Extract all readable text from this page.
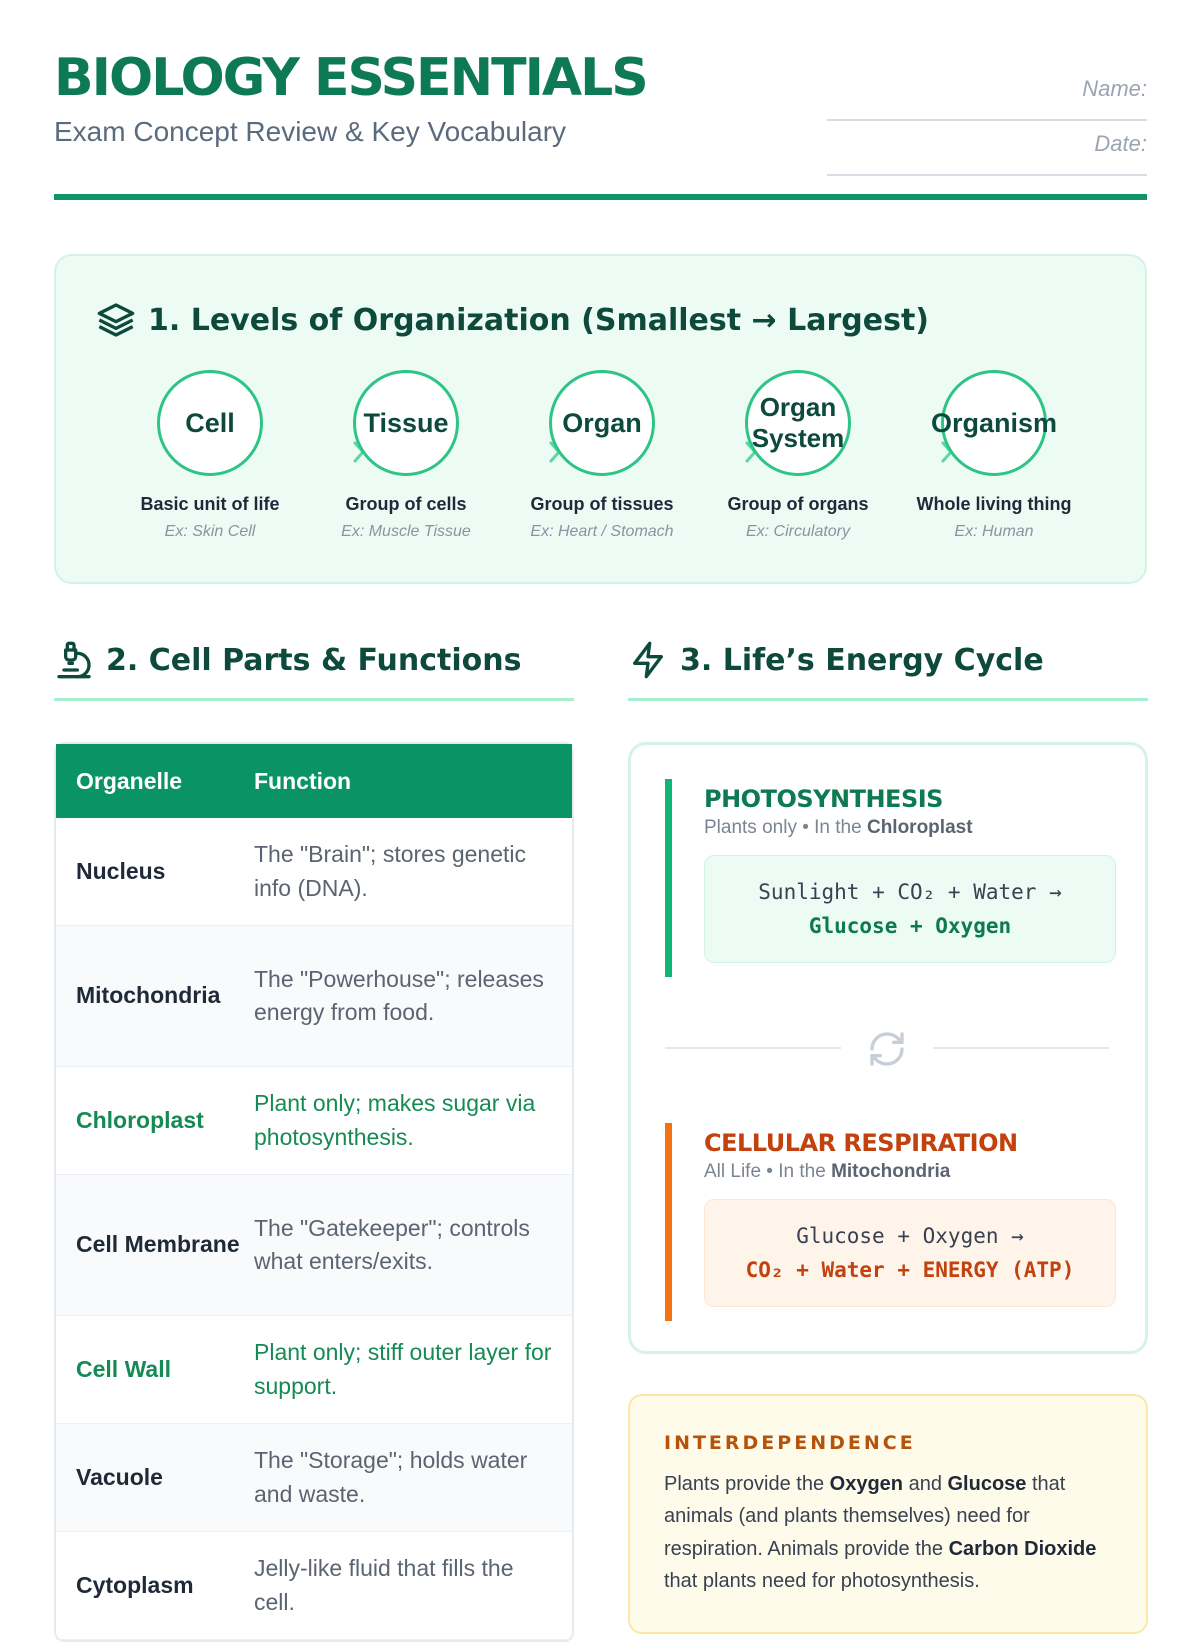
BIOLOGY ESSENTIALS
Exam Concept Review & Key Vocabulary
Name:
Date:
1. Levels of Organization (Smallest → Largest)
Cell
Basic unit of life
Ex: Skin Cell
Tissue
Group of cells
Ex: Muscle Tissue
Organ
Group of tissues
Ex: Heart / Stomach
Organ System
Group of organs
Ex: Circulatory
Organism
Whole living thing
Ex: Human
2. Cell Parts & Functions	3. Life’s Energy Cycle
Organelle	Function
Nucleus
The "Brain"; stores genetic info (DNA).
Mitochondria
The "Powerhouse"; releases energy from food.
Chloroplast
Plant only; makes sugar via photosynthesis.
Cell Membrane
The "Gatekeeper"; controls what enters/exits.
Cell Wall
Plant only; stiff outer layer for support.
Vacuole
The "Storage"; holds water and waste.
Cytoplasm
Jelly-like fluid that fills the cell.
PHOTOSYNTHESIS
Plants only • In the Chloroplast
Sunlight + CO₂ + Water →
Glucose + Oxygen
CELLULAR RESPIRATION
All Life • In the Mitochondria
Glucose + Oxygen →
CO₂ + Water + ENERGY (ATP)
INTERDEPENDENCE
Plants provide the Oxygen and Glucose that animals (and plants themselves) need for respiration. Animals provide the Carbon Dioxide that plants need for photosynthesis.
